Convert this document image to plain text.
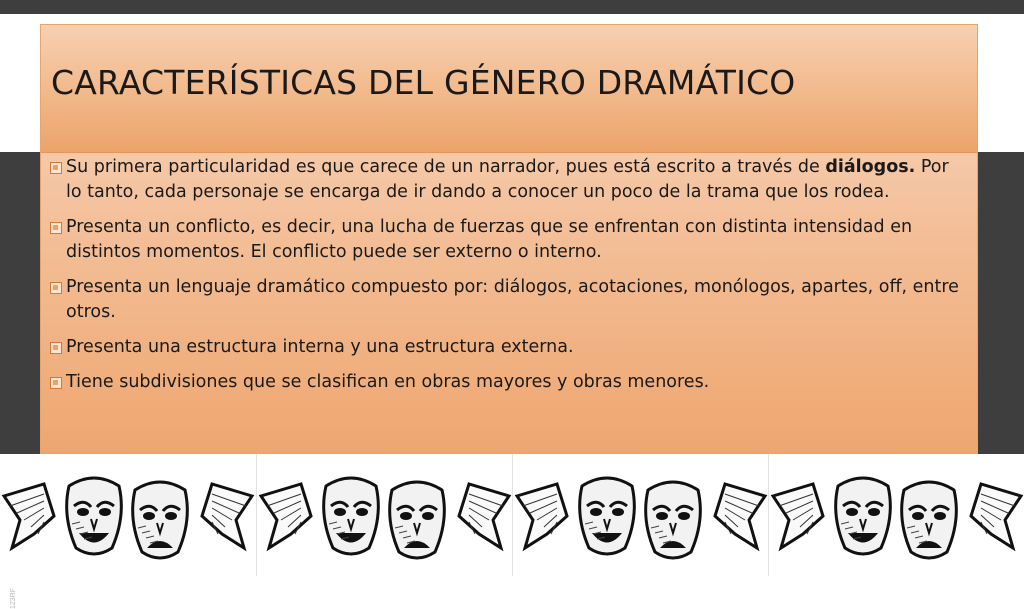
CARACTERÍSTICAS DEL GÉNERO DRAMÁTICO

Su primera particularidad es que carece de un narrador, pues está escrito a través de diálogos. Por lo tanto, cada personaje se encarga de ir dando a conocer un poco de la trama que los rodea.

Presenta un conflicto, es decir, una lucha de fuerzas que se enfrentan con distinta intensidad en distintos momentos. El conflicto puede ser externo o interno.

Presenta un lenguaje dramático compuesto por: diálogos, acotaciones, monólogos, apartes, off, entre otros.

Presenta una estructura interna y una estructura externa.

Tiene subdivisiones que se clasifican en obras mayores y obras menores.

123RF
